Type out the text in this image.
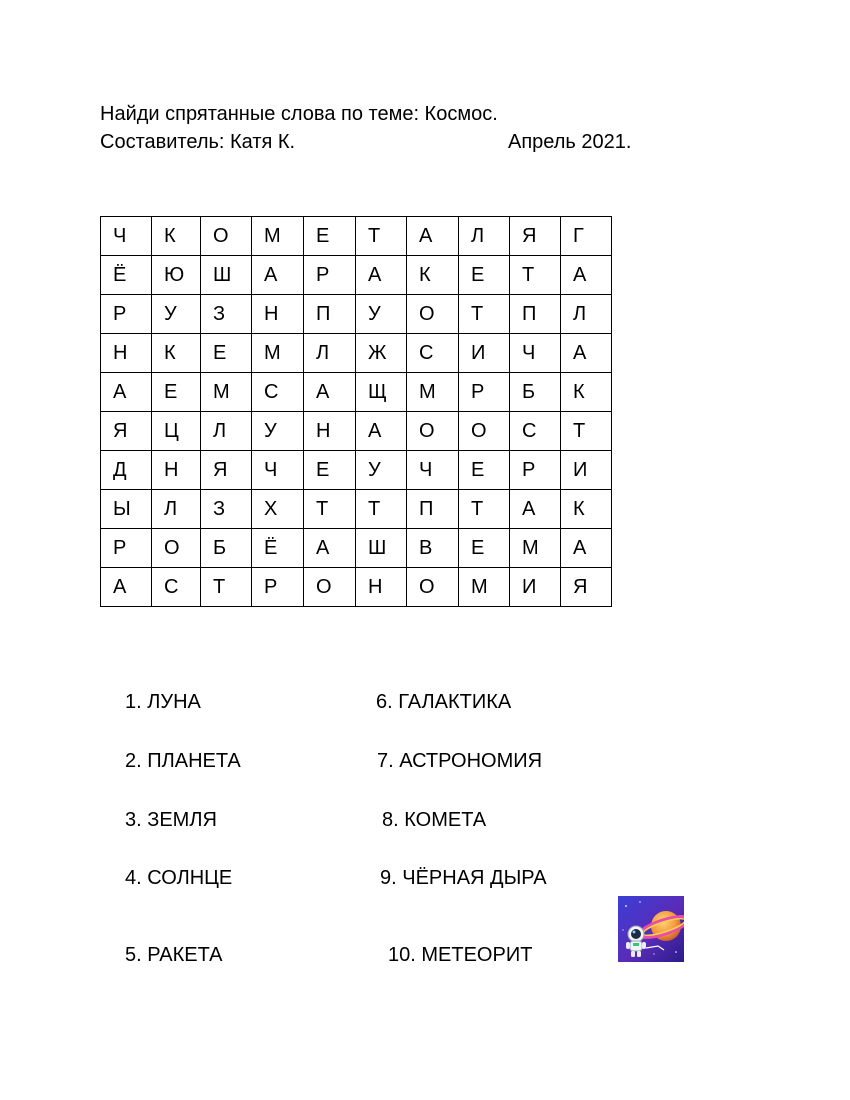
Найди спрятанные слова по теме: Космос.
Составитель: Катя К.	Апрель 2021.
Ч	К	О	М	Е	Т	А	Л	Я	Г
Ё	Ю	Ш	А	Р	А	К	Е	Т	А
Р	У	З	Н	П	У	О	Т	П	Л
Н	К	Е	М	Л	Ж	С	И	Ч	А
А	Е	М	С	А	Щ	М	Р	Б	К
Я	Ц	Л	У	Н	А	О	О	С	Т
Д	Н	Я	Ч	Е	У	Ч	Е	Р	И
Ы	Л	З	Х	Т	Т	П	Т	А	К
Р	О	Б	Ё	А	Ш	В	Е	М	А
А	С	Т	Р	О	Н	О	М	И	Я
1. ЛУНА
2. ПЛАНЕТА
3. ЗЕМЛЯ
4. СОЛНЦЕ
5. РАКЕТА
6. ГАЛАКТИКА
7. АСТРОНОМИЯ
8. КОМЕТА
9. ЧЁРНАЯ ДЫРА
10. МЕТЕОРИТ
